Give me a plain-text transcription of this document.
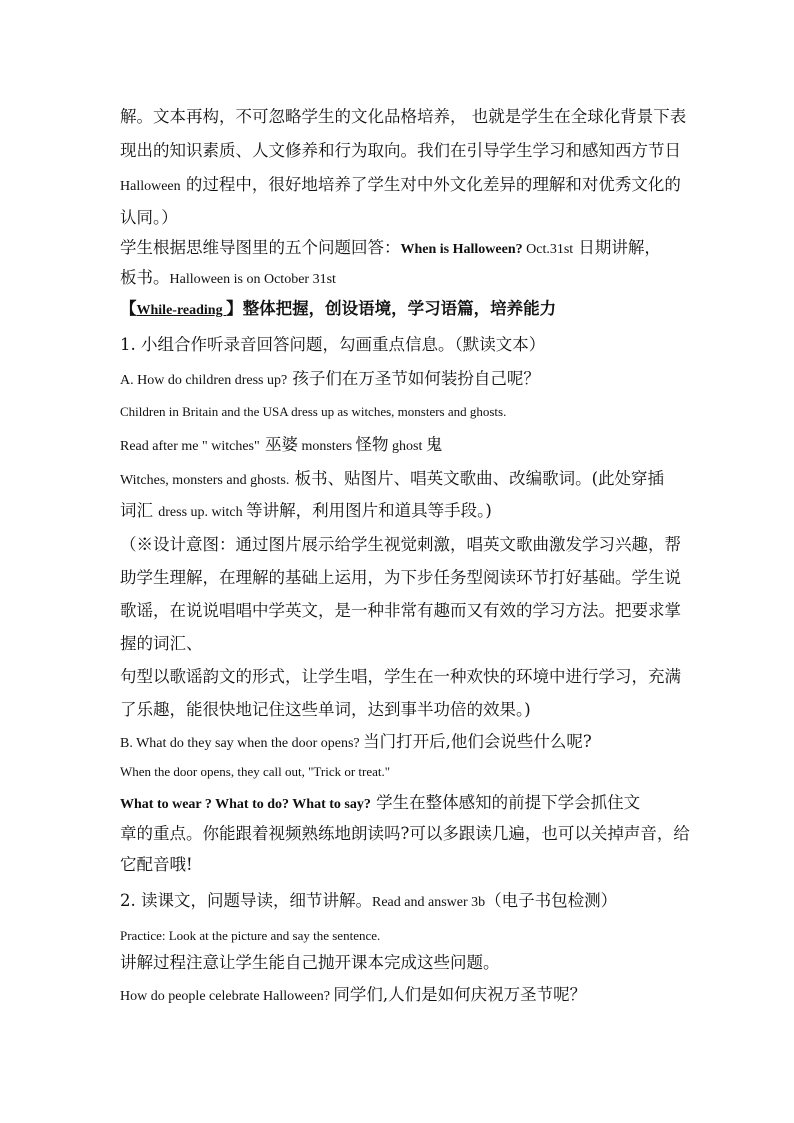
解。文本再构，不可忽略学生的文化品格培养， 也就是学生在全球化背景下表
现出的知识素质、人文修养和行为取向。我们在引导学生学习和感知西方节日
Halloween 的过程中，很好地培养了学生对中外文化差异的理解和对优秀文化的
认同。）
学生根据思维导图里的五个问题回答：When is Halloween? Oct.31st 日期讲解，
板书。Halloween is on October 31st
【While-reading 】整体把握，创设语境，学习语篇，培养能力
1. 小组合作听录音回答问题，勾画重点信息。（默读文本）
A. How do children dress up? 孩子们在万圣节如何装扮自己呢？
Children in Britain and the USA dress up as witches, monsters and ghosts.
Read after me " witches" 巫婆 monsters 怪物 ghost 鬼
Witches, monsters and ghosts. 板书、贴图片、唱英文歌曲、改编歌词。(此处穿插
词汇 dress up. witch 等讲解，利用图片和道具等手段。)
（※设计意图：通过图片展示给学生视觉刺激，唱英文歌曲激发学习兴趣，帮
助学生理解，在理解的基础上运用，为下步任务型阅读环节打好基础。学生说
歌谣，在说说唱唱中学英文，是一种非常有趣而又有效的学习方法。把要求掌
握的词汇、
句型以歌谣韵文的形式，让学生唱，学生在一种欢快的环境中进行学习，充满
了乐趣，能很快地记住这些单词，达到事半功倍的效果。)
B. What do they say when the door opens? 当门打开后,他们会说些什么呢?
When the door opens, they call out, "Trick or treat."
What to wear ? What to do? What to say? 学生在整体感知的前提下学会抓住文
章的重点。你能跟着视频熟练地朗读吗?可以多跟读几遍，也可以关掉声音，给
它配音哦!
2. 读课文，问题导读，细节讲解。Read and answer 3b（电子书包检测）
Practice: Look at the picture and say the sentence.
讲解过程注意让学生能自己抛开课本完成这些问题。
How do people celebrate Halloween? 同学们,人们是如何庆祝万圣节呢？
